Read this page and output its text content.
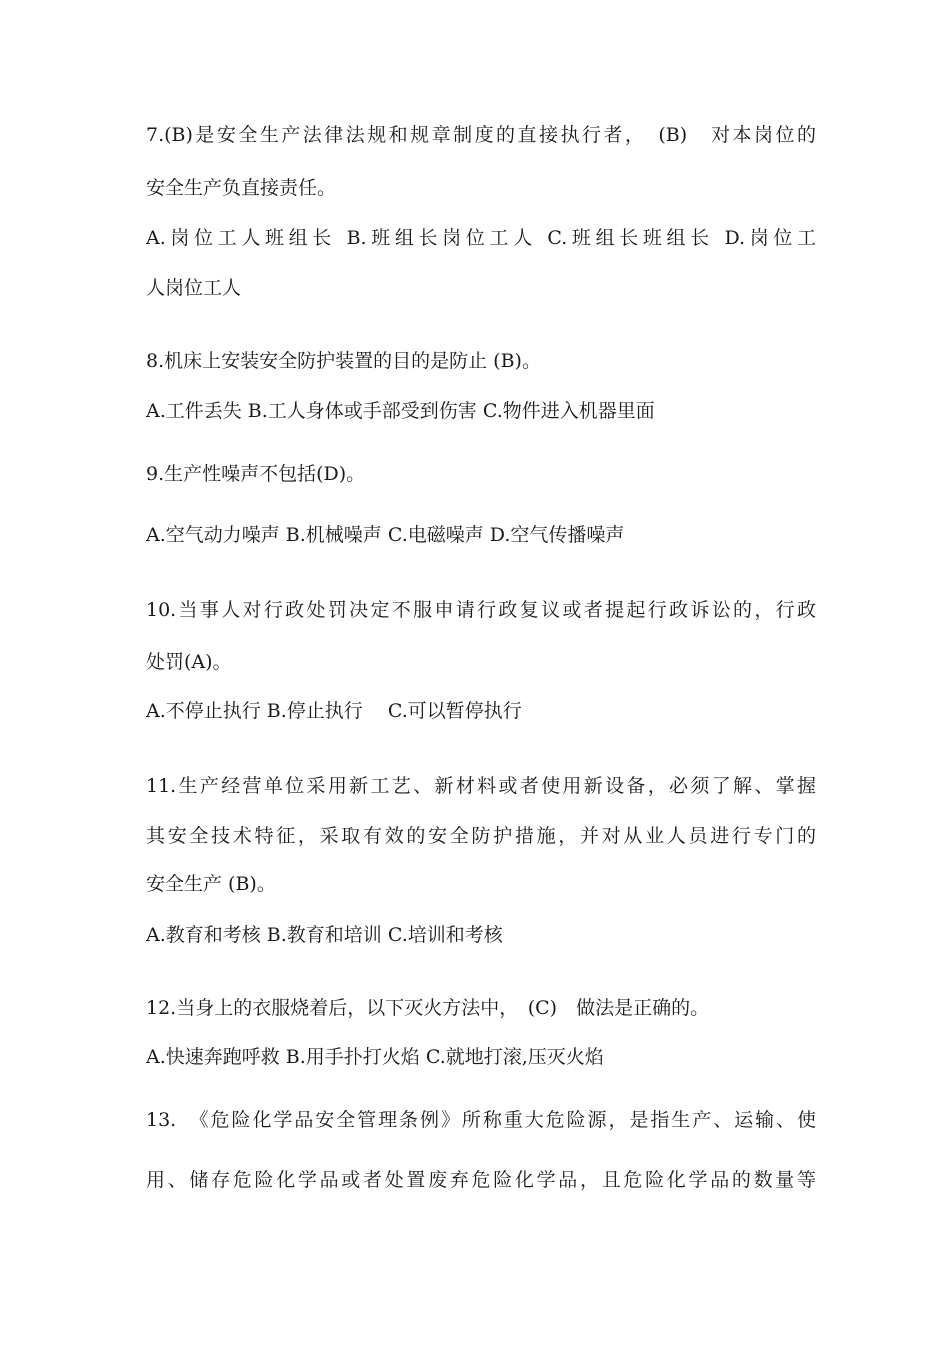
7.(B)是安全生产法律法规和规章制度的直接执行者，　(B)　对本岗位的
安全生产负直接责任。
A.岗位工人班组长 B.班组长岗位工人 C.班组长班组长 D.岗位工
人岗位工人
8.机床上安装安全防护装置的目的是防止 (B)。
A.工件丢失 B.工人身体或手部受到伤害 C.物件进入机器里面
9.生产性噪声不包括(D)。
A.空气动力噪声 B.机械噪声 C.电磁噪声 D.空气传播噪声
10.当事人对行政处罚决定不服申请行政复议或者提起行政诉讼的，行政
处罚(A)。
A.不停止执行 B.停止执行　 C.可以暂停执行
11.生产经营单位采用新工艺、新材料或者使用新设备，必须了解、掌握
其安全技术特征，采取有效的安全防护措施，并对从业人员进行专门的
安全生产 (B)。
A.教育和考核 B.教育和培训 C.培训和考核
12.当身上的衣服烧着后，以下灭火方法中，　(C)　做法是正确的。
A.快速奔跑呼救 B.用手扑打火焰 C.就地打滚,压灭火焰
13.　《危险化学品安全管理条例》所称重大危险源，是指生产、运输、使
用、储存危险化学品或者处置废弃危险化学品，且危险化学品的数量等
